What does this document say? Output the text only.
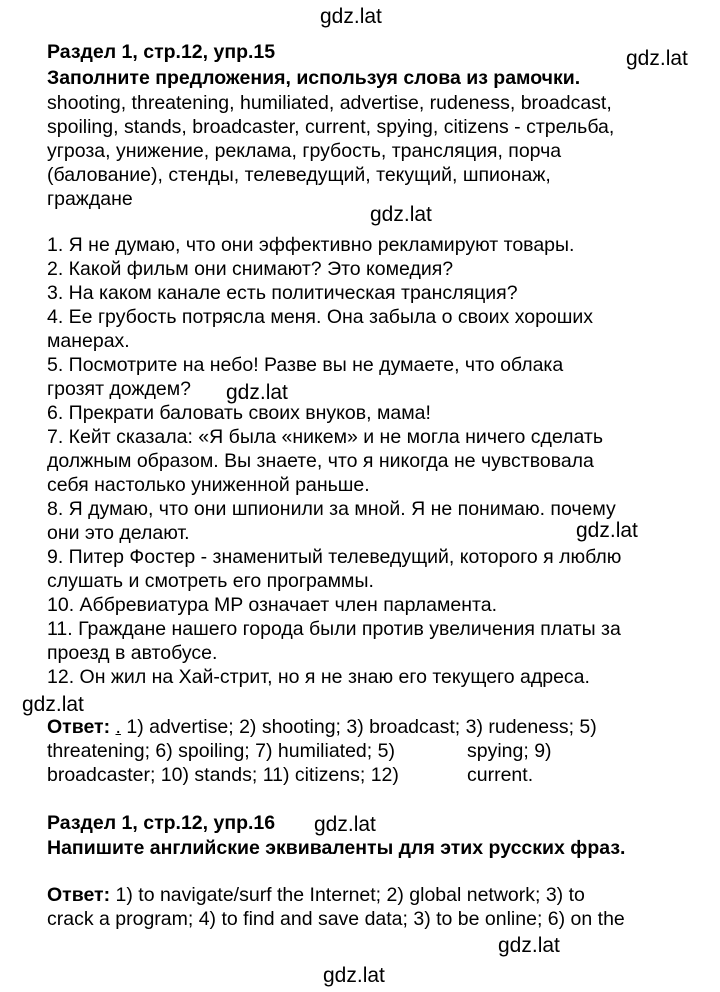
gdz.lat
gdz.lat
gdz.lat
gdz.lat
gdz.lat
gdz.lat
gdz.lat
gdz.lat
gdz.lat
Раздел 1, стр.12, упр.15
Заполните предложения, используя слова из рамочки.
shooting, threatening, humiliated, advertise, rudeness, broadcast,
spoiling, stands, broadcaster, current, spying, citizens - стрельба,
угроза, унижение, реклама, грубость, трансляция, порча
(балование), стенды, телеведущий, текущий, шпионаж,
граждане
1. Я не думаю, что они эффективно рекламируют товары.
2. Какой фильм они снимают? Это комедия?
3. На каком канале есть политическая трансляция?
4. Ее грубость потрясла меня. Она забыла о своих хороших
манерах.
5. Посмотрите на небо! Разве вы не думаете, что облака
грозят дождем?
6. Прекрати баловать своих внуков, мама!
7. Кейт сказала: «Я была «никем» и не могла ничего сделать
должным образом. Вы знаете, что я никогда не чувствовала
себя настолько униженной раньше.
8. Я думаю, что они шпионили за мной. Я не понимаю. почему
они это делают.
9. Питер Фостер - знаменитый телеведущий, которого я люблю
слушать и смотреть его программы.
10. Аббревиатура MP означает член парламента.
11. Граждане нашего города были против увеличения платы за
проезд в автобусе.
12. Он жил на Хай-стрит, но я не знаю его текущего адреса.
Ответ: . 1) advertise; 2) shooting; 3) broadcast; 3) rudeness; 5)
threatening; 6) spoiling; 7) humiliated; 5)	spying; 9)
broadcaster; 10) stands; 11) citizens; 12)	current.
Раздел 1, стр.12, упр.16
Напишите английские эквиваленты для этих русских фраз.
Ответ: 1) to navigate/surf the Internet; 2) global network; 3) to
crack a program; 4) to find and save data; 3) to be online; 6) on the
